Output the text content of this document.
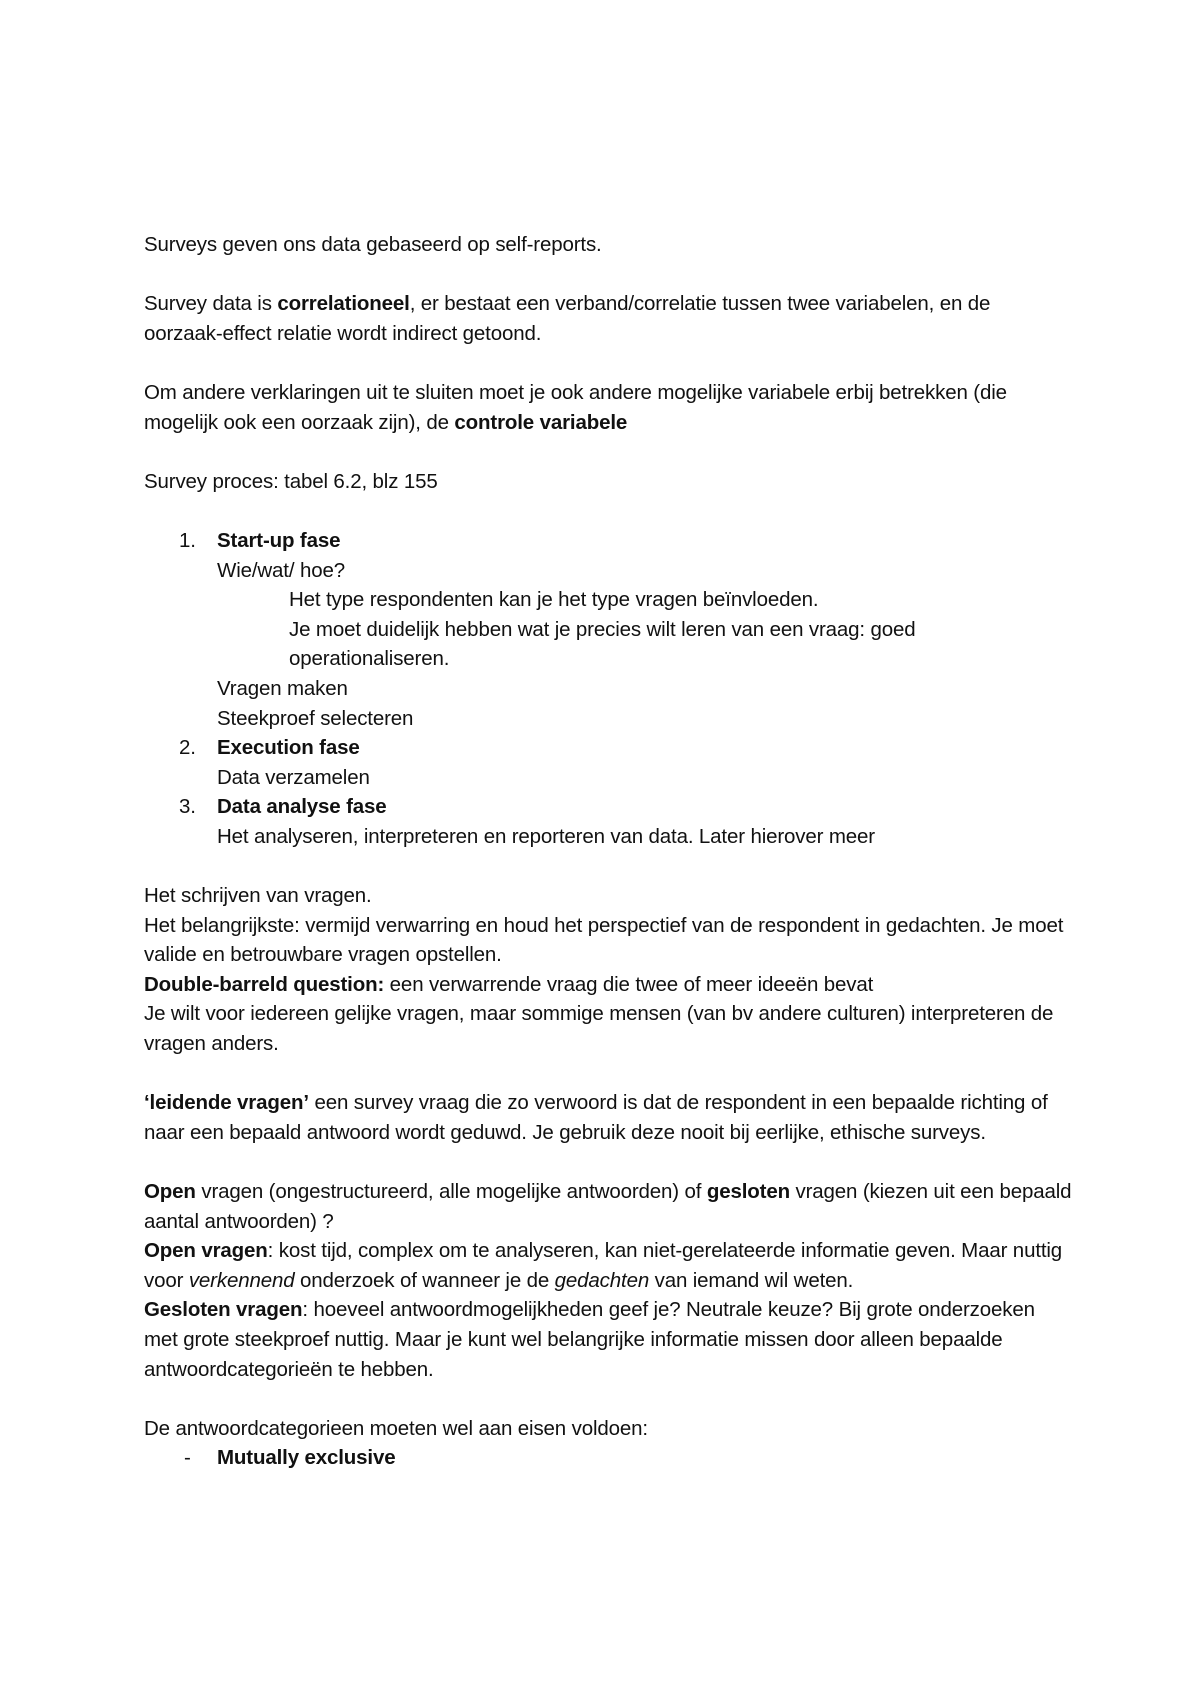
Surveys geven ons data gebaseerd op self-reports.

Survey data is correlationeel, er bestaat een verband/correlatie tussen twee variabelen, en de oorzaak-effect relatie wordt indirect getoond.

Om andere verklaringen uit te sluiten moet je ook andere mogelijke variabele erbij betrekken (die mogelijk ook een oorzaak zijn), de controle variabele

Survey proces: tabel 6.2, blz 155

1. Start-up fase

Wie/wat/ hoe?

Het type respondenten kan je het type vragen beïnvloeden.

Je moet duidelijk hebben wat je precies wilt leren van een vraag: goed

operationaliseren.

Vragen maken

Steekproef selecteren

2. Execution fase

Data verzamelen

3. Data analyse fase

Het analyseren, interpreteren en reporteren van data. Later hierover meer

Het schrijven van vragen.

Het belangrijkste: vermijd verwarring en houd het perspectief van de respondent in gedachten. Je moet valide en betrouwbare vragen opstellen.

Double-barreld question: een verwarrende vraag die twee of meer ideeën bevat

Je wilt voor iedereen gelijke vragen, maar sommige mensen (van bv andere culturen) interpreteren de vragen anders.

‘leidende vragen’ een survey vraag die zo verwoord is dat de respondent in een bepaalde richting of naar een bepaald antwoord wordt geduwd. Je gebruik deze nooit bij eerlijke, ethische surveys.

Open vragen (ongestructureerd, alle mogelijke antwoorden) of gesloten vragen (kiezen uit een bepaald aantal antwoorden) ?

Open vragen: kost tijd, complex om te analyseren, kan niet-gerelateerde informatie geven. Maar nuttig voor verkennend onderzoek of wanneer je de gedachten van iemand wil weten.

Gesloten vragen: hoeveel antwoordmogelijkheden geef je? Neutrale keuze? Bij grote onderzoeken met grote steekproef nuttig. Maar je kunt wel belangrijke informatie missen door alleen bepaalde antwoordcategorieën te hebben.

De antwoordcategorieen moeten wel aan eisen voldoen:

- Mutually exclusive
